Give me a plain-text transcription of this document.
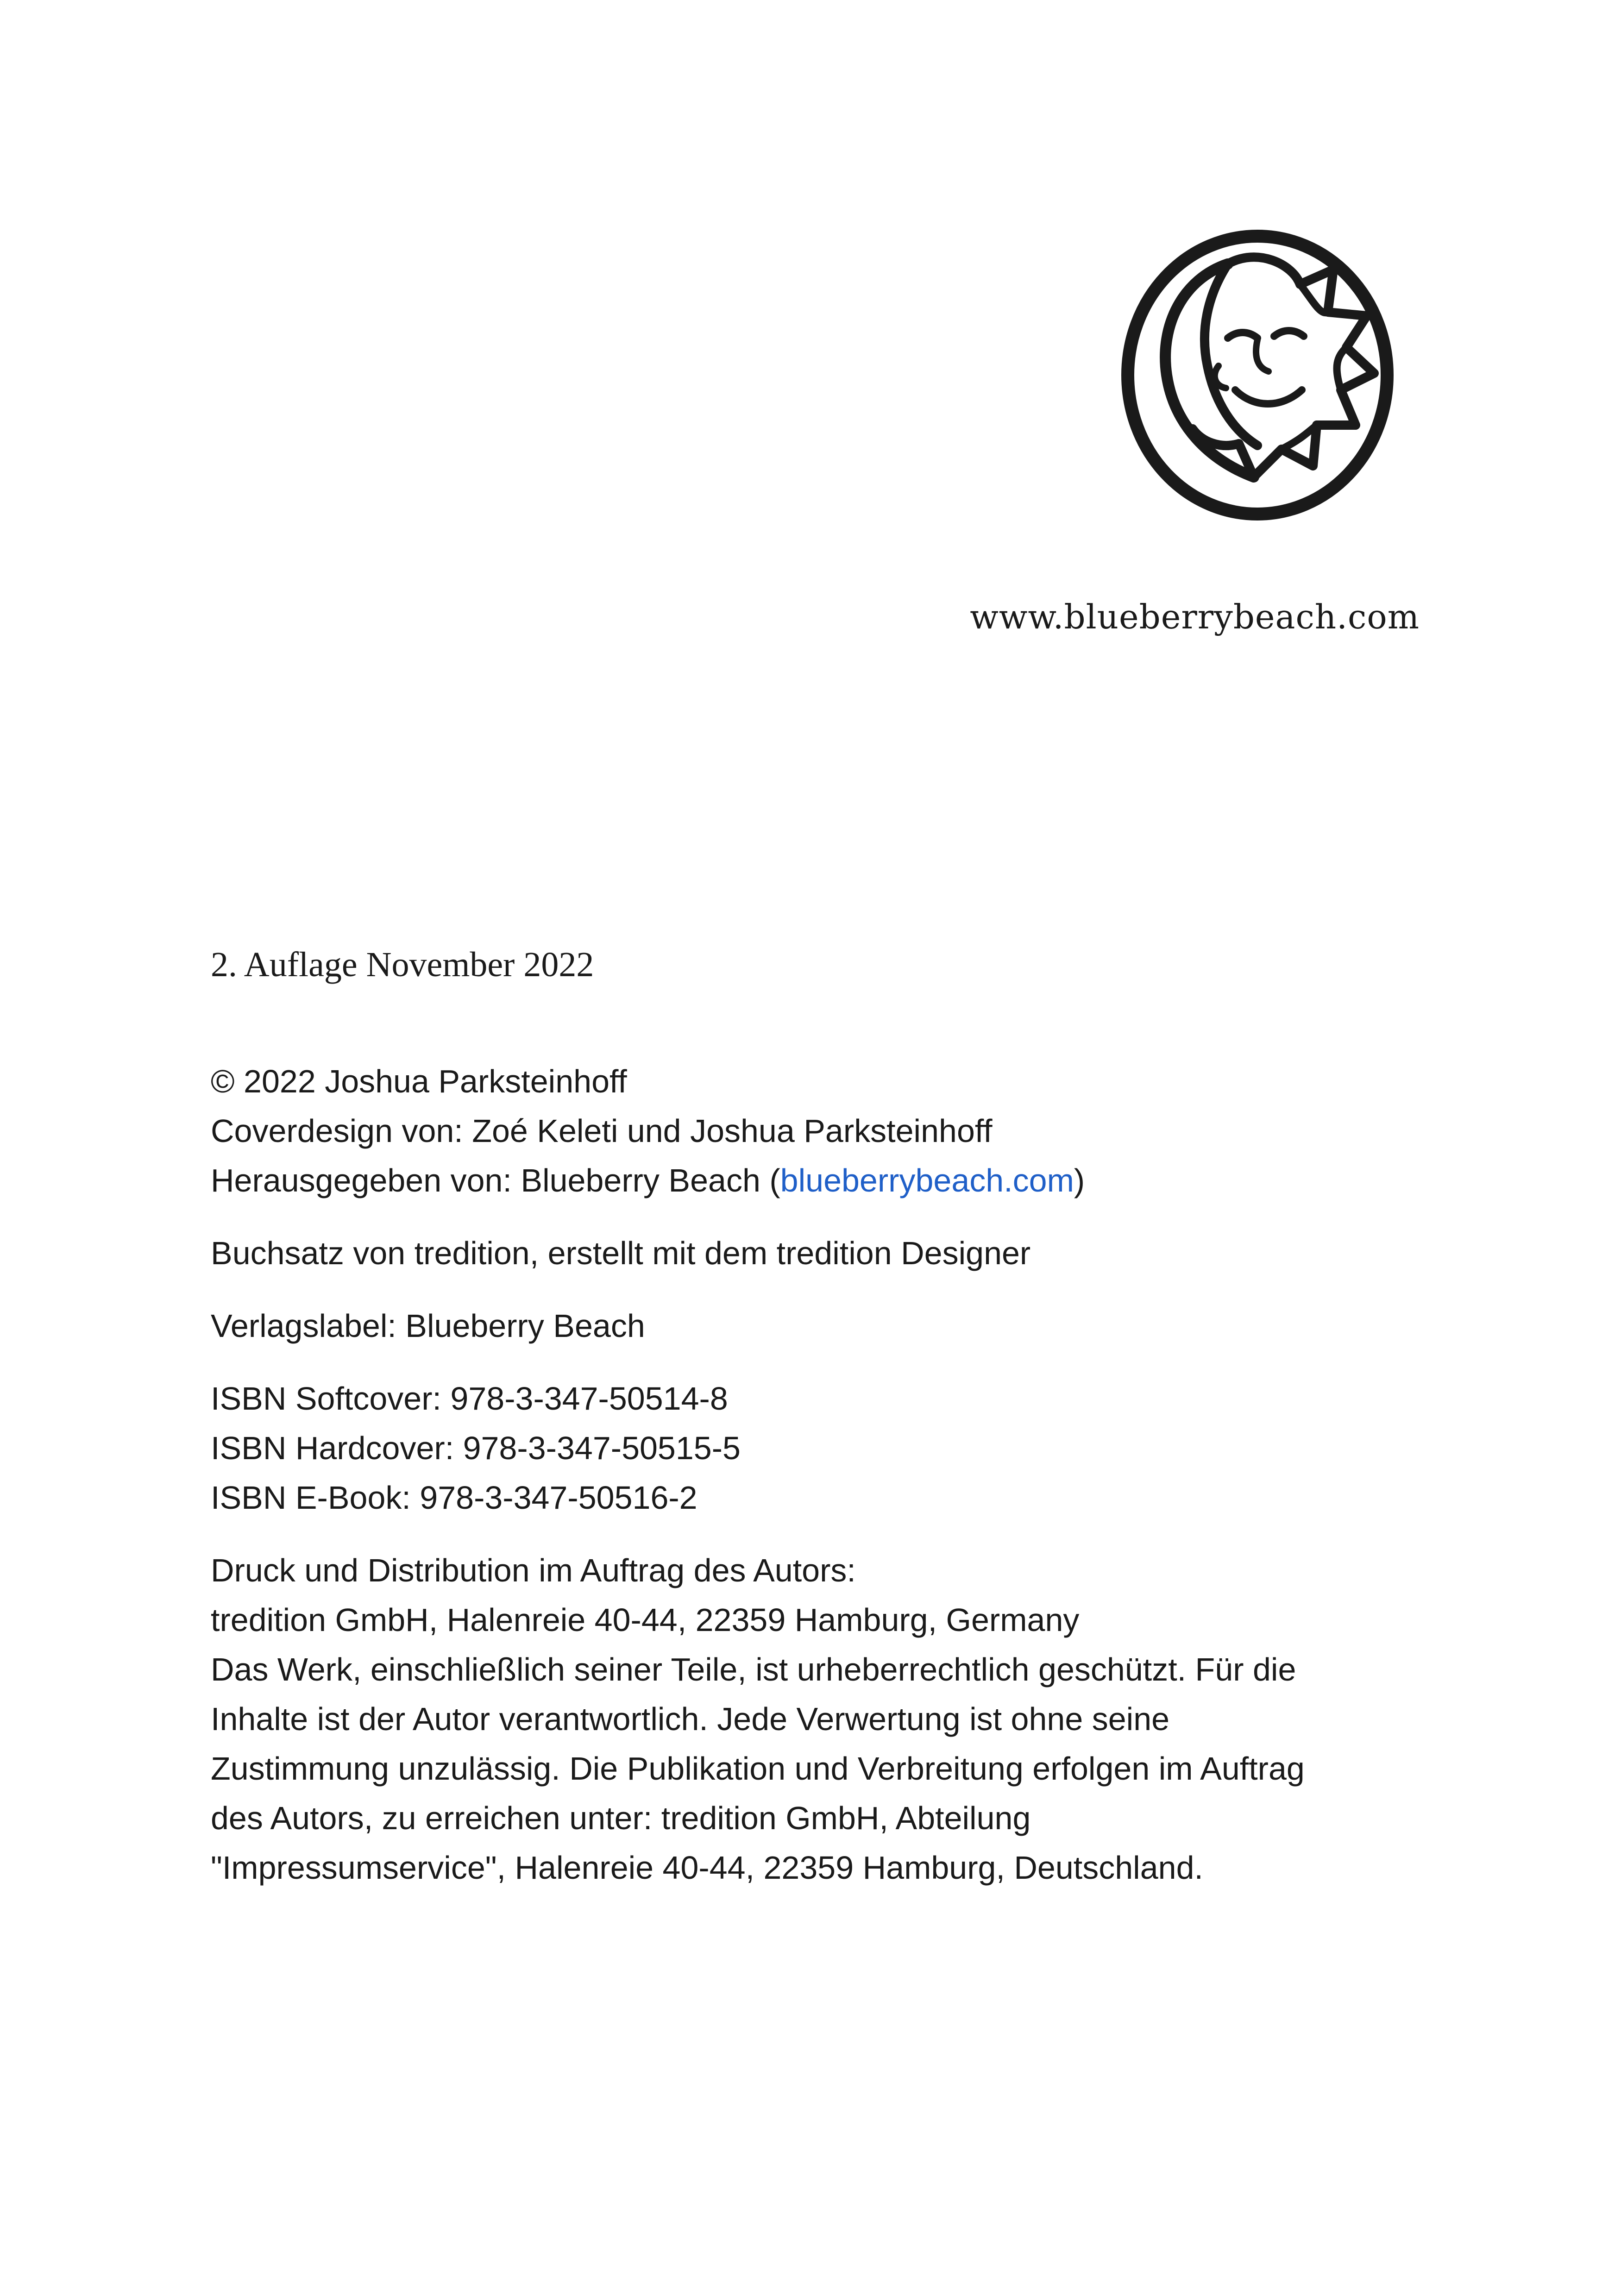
www.blueberrybeach.com
2. Auflage November 2022

© 2022 Joshua Parksteinhoff
Coverdesign von: Zoé Keleti und Joshua Parksteinhoff
Herausgegeben von: Blueberry Beach (blueberrybeach.com)

Buchsatz von tredition, erstellt mit dem tredition Designer

Verlagslabel: Blueberry Beach

ISBN Softcover: 978-3-347-50514-8
ISBN Hardcover: 978-3-347-50515-5
ISBN E-Book: 978-3-347-50516-2

Druck und Distribution im Auftrag des Autors:
tredition GmbH, Halenreie 40-44, 22359 Hamburg, Germany
Das Werk, einschließlich seiner Teile, ist urheberrechtlich geschützt. Für die
Inhalte ist der Autor verantwortlich. Jede Verwertung ist ohne seine
Zustimmung unzulässig. Die Publikation und Verbreitung erfolgen im Auftrag
des Autors, zu erreichen unter: tredition GmbH, Abteilung
"Impressumservice", Halenreie 40-44, 22359 Hamburg, Deutschland.
